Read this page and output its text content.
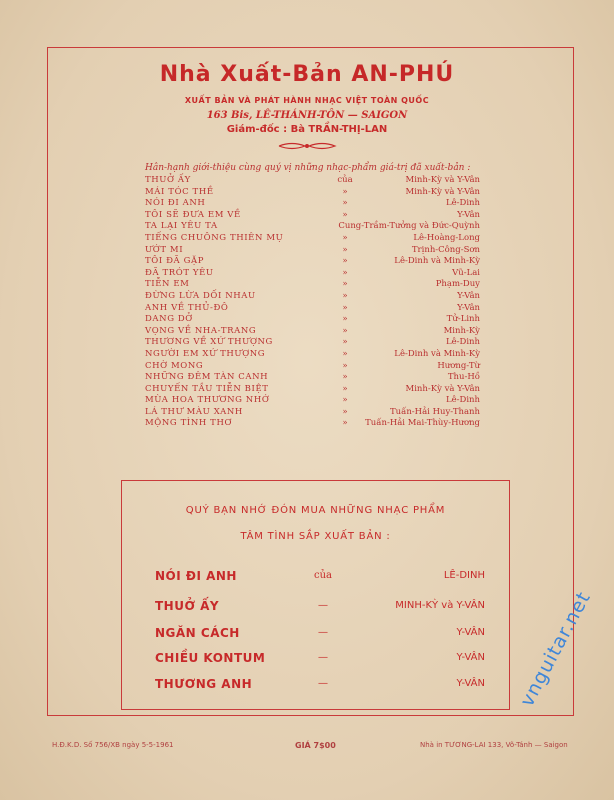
Nhà Xuất-Bản AN-PHÚ
XUẤT BẢN VÀ PHÁT HÀNH NHẠC VIỆT TOÀN QUỐC
163 Bis, LÊ-THÁNH-TÔN — SAIGON
Giám-đốc : Bà TRẦN-THỊ-LAN
Hân-hạnh giới-thiệu cùng quý vị những nhạc-phẩm giá-trị đã xuất-bản :
THUỞ ẤY	của	Minh-Kỳ và Y-Vân
MÁI TÓC THỀ	»	Minh-Kỳ và Y-Vân
NÓI ĐI ANH	»	Lê-Dinh
TÔI SẼ ĐƯA EM VỀ	»	Y-Vân
TA LẠI YÊU TA	Cung-Trầm-Tưởng và Đức-Quỳnh
TIẾNG CHUÔNG THIÊN MỤ	»	Lê-Hoàng-Long
ƯỚT MI	»	Trịnh-Công-Sơn
TÔI ĐÃ GẶP	»	Lê-Dinh và Minh-Kỳ
ĐÃ TRÓT YÊU	»	Vũ-Lai
TIỄN EM	»	Phạm-Duy
ĐỪNG LỪA DỐI NHAU	»	Y-Vân
ANH VỀ THỦ-ĐÔ	»	Y-Vân
DANG DỞ	»	Tử-Linh
VỌNG VỀ NHA-TRANG	»	Minh-Kỳ
THƯƠNG VỀ XỨ THƯỢNG	»	Lê-Dinh
NGƯỜI EM XỨ THƯỢNG	»	Lê-Dinh và Minh-Kỳ
CHỜ MONG	»	Hương-Từ
NHỮNG ĐÊM TÀN CANH	»	Thu-Hồ
CHUYẾN TẦU TIỄN BIỆT	»	Minh-Kỳ và Y-Vân
MÙA HOA THƯƠNG NHỚ	»	Lê-Dinh
LÁ THƯ MÀU XANH	»	Tuấn-Hải Huy-Thanh
MỘNG TÌNH THƠ	»	Tuấn-Hải Mai-Thùy-Hương
QUÝ BẠN NHỚ ĐÓN MUA NHỮNG NHẠC PHẨM
TÂM TÌNH SẮP XUẤT BẢN :
NÓI ĐI ANH	của	LÊ-DINH
THUỞ ẤY	—	MINH-KỲ và Y-VÂN
NGĂN CÁCH	—	Y-VÂN
CHIỀU KONTUM	—	Y-VÂN
THƯƠNG ANH	—	Y-VÂN
H.Đ.K.D. Số 756/XB ngày 5-5-1961	GIÁ 7$00	Nhà in TƯƠNG-LAI 133, Võ-Tánh — Saigon
vnguitar.net
